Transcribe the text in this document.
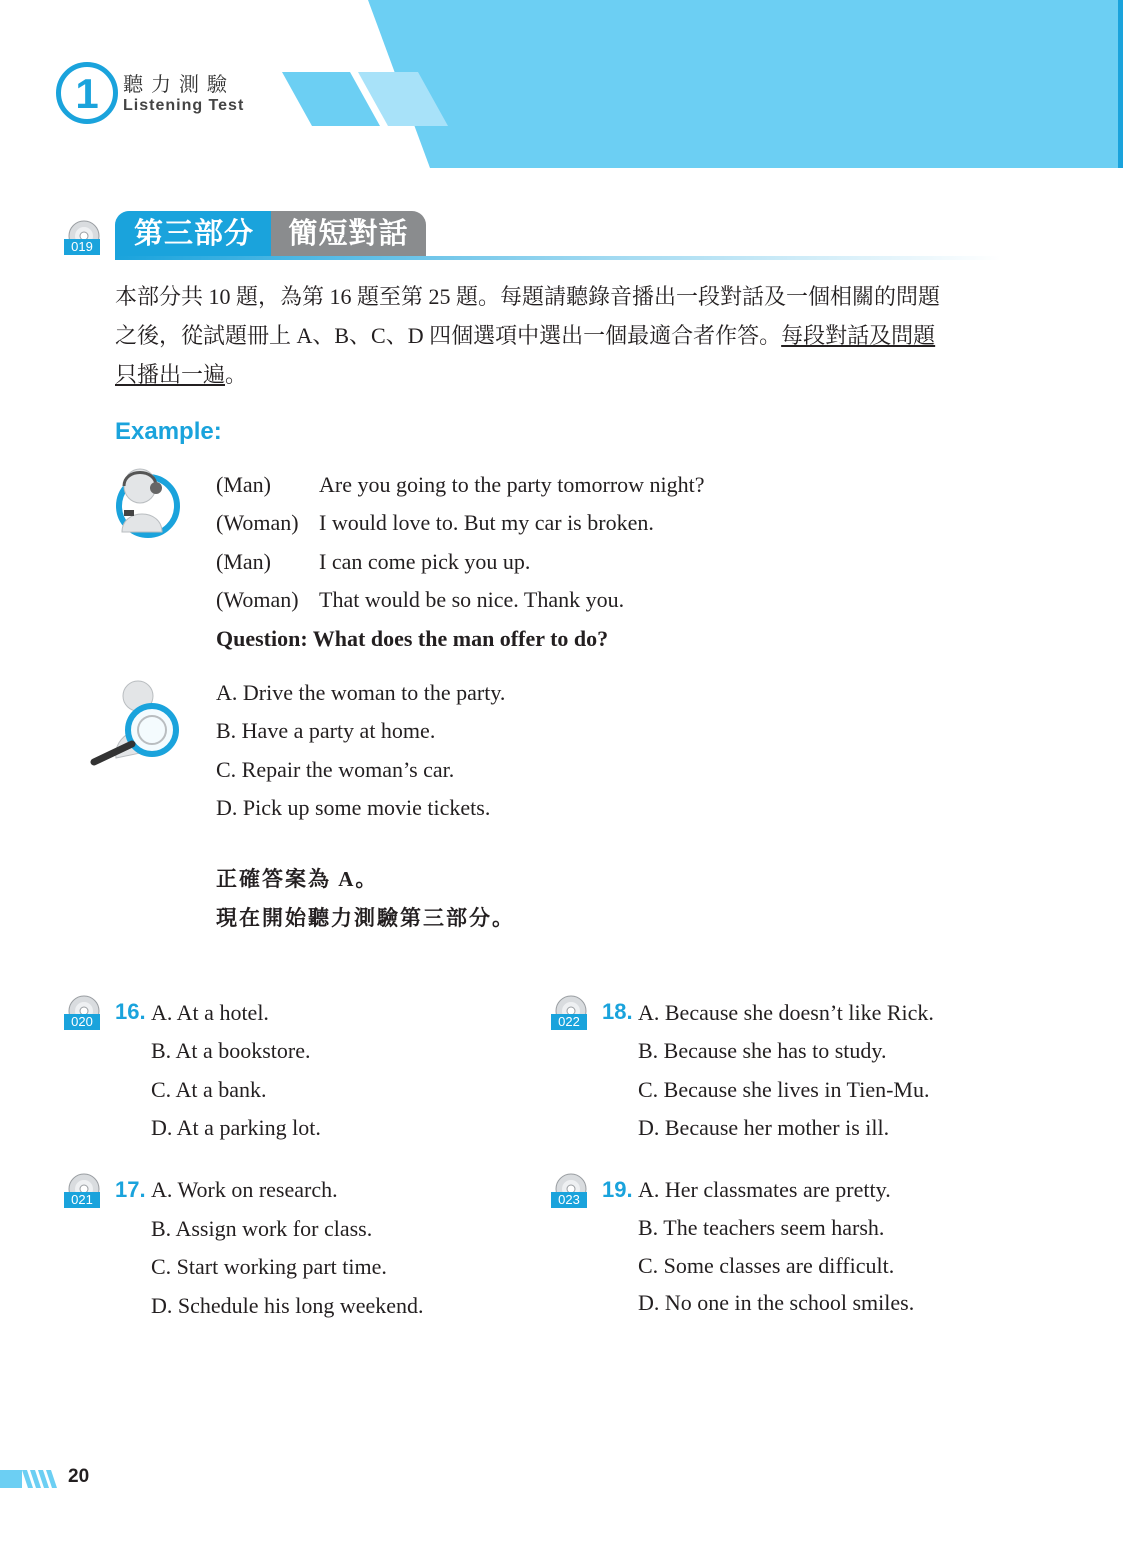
1	聽力測驗
Listening Test
019	第三部分	簡短對話
本部分共 10 題，為第 16 題至第 25 題。每題請聽錄音播出一段對話及一個相關的問題
之後，從試題冊上 A、B、C、D 四個選項中選出一個最適合者作答。每段對話及問題
只播出一遍。
Example:
(Man) Are you going to the party tomorrow night?
(Woman) I would love to. But my car is broken.
(Man) I can come pick you up.
(Woman) That would be so nice. Thank you.
Question: What does the man offer to do?
A. Drive the woman to the party.
B. Have a party at home.
C. Repair the woman’s car.
D. Pick up some movie tickets.
正確答案為 A。
現在開始聽力測驗第三部分。
020	16. A. At a hotel.
B. At a bookstore.
C. At a bank.
D. At a parking lot.
021	17. A. Work on research.
B. Assign work for class.
C. Start working part time.
D. Schedule his long weekend.
022	18. A. Because she doesn’t like Rick.
B. Because she has to study.
C. Because she lives in Tien-Mu.
D. Because her mother is ill.
023	19. A. Her classmates are pretty.
B. The teachers seem harsh.
C. Some classes are difficult.
D. No one in the school smiles.
20
